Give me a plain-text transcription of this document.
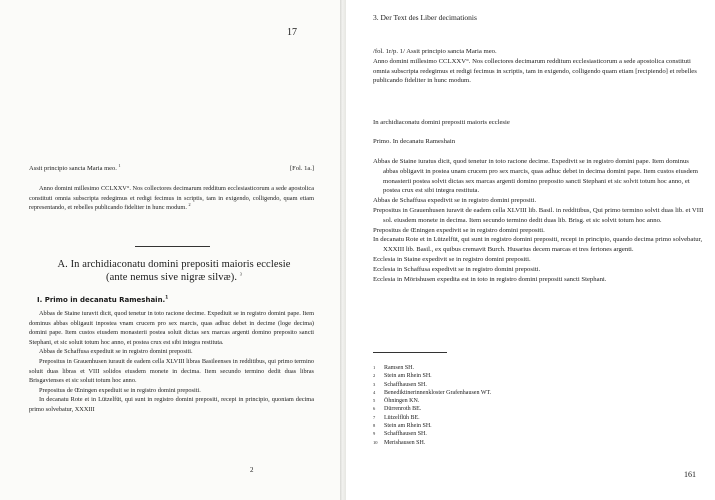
17
Assit principio sancta Maria meo. $^1$	[Fol. 1a.]
Anno domini millesimo CCLXXV°. Nos collectores decimarum redditum ecclesiasticorum a sede apostolica constituti omnia subscripta redegimus et redigi fecimus in scriptis, tam in exigendo, colligendo, quam etiam representando, et rebelles publicando fideliter in hunc modum. $^2$
A. In archidiaconatu domini prepositi maioris ecclesie
(ante nemus sive nigræ silvæ). $^3$
I. Primo in decanatu Rameshain.$^1$

Abbas de Staine iuravit dicit, quod tenetur in toto racione decime. Expediuit se in registro domini pape. Item dominus abbas obligauit inpostea vnam crucem pro sex marcis, quas adhuc debet in decime (loge decima) domini pape. Item custos eiusdem monasterii postea soluit dictas sex marcas argenti domino preposito sancti Stephani, et sic soluit totum hoc anno, et postea crux est sibi integra restituta.

Abbas de Schaffusa expediuit se in registro domini prepositi.

Prepositus in Grauenhusen iurauit de eadem cella XLVIII libras Basileenses in redditibus, qui primo termino soluit duas libras et VIII solidos eiusdem monete in decima. Item secundo termino dedit duas libras Brisgavienses et sic soluit totum hoc anno.

Prepositus de Œningen expediuit se in registro domini prepositi.

In decanatu Rote et in Lützelfüt, qui sunt in registro domini prepositi, recepi in principio, quoniam decima primo solvebatur, XXXIII

2
3. Der Text des Liber decimationis
/fol. 1r/p. 1/ Assit principio sancta Maria meo.
Anno domini millesimo CCLXXV°. Nos collectores decimarum redditum ecclesiasticorum a sede apostolica constituti omnia subscripta redegimus et redigi fecimus in scriptis, tam in exigendo, colligendo quam etiam [recipiendo] et rebelles publicando fideliter in hunc modum.
In archidiaconatu domini prepositi maioris ecclesie
Primo. In decanatu Rameshain

Abbas de Staine iuratus dicit, quod tenetur in toto racione decime. Expedivit se in registro domini pape. Item dominus abbas obligavit in postea unam crucem pro sex marcis, quas adhuc debet in decima domini pape. Item custos eiusdem monasterii postea solvit dictas sex marcas argenti domino preposito sancti Stephani et sic solvit totum hoc anno, et postea crux est sibi integra restituta.

Abbas de Schaffusa expedivit se in registro domini prepositi.

Prepositus in Grauenhusen iuravit de eadem cella XLVIII lib. Basil. in redditibus, Qui primo termino solvit duas lib. et VIII sol. eiusdem monete in decima. Item secundo termino dedit duas lib. Brisg. et sic solvit totum hoc anno.

Prepositus de Œningen expedivit se in registro domini prepositi.

In decanatu Rote et in Lützelfüt, qui sunt in registro domini prepositi, recepi in principio, quando decima primo solvebatur, XXXIII lib. Basil., ex quibus cremavit Burch. Husarius decem marcas et tres fertones argenti.

Ecclesia in Staine expedivit se in registro domini prepositi.

Ecclesia in Schaffusa expedivit se in registro domini prepositi.

Ecclesia in Mörishusen expedita est in toto in registro domini prepositi sancti Stephani.

1	Ramsen SH.
2	Stein am Rhein SH.
3	Schaffhausen SH.
4	Benediktinerinnenkloster Grafenhausen WT.
5	Öhningen KN.
6	Dürrenroth BE.
7	Lützelflüh BE.
8	Stein am Rhein SH.
9	Schaffhausen SH.
10	Merishausen SH.
161
